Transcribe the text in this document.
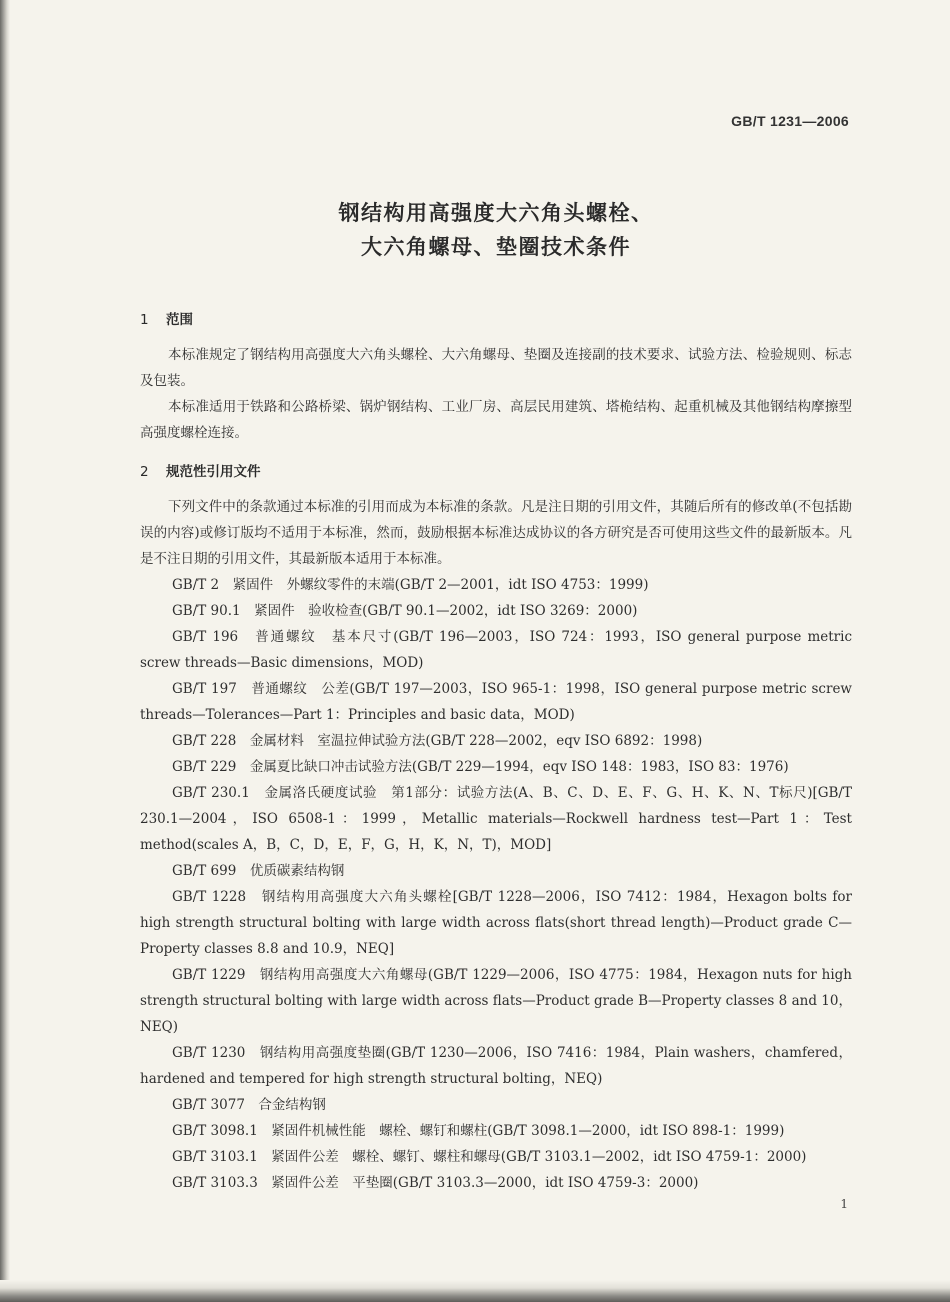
GB/T 1231—2006
钢结构用高强度大六角头螺栓、
大六角螺母、垫圈技术条件
1 范围
本标准规定了钢结构用高强度大六角头螺栓、大六角螺母、垫圈及连接副的技术要求、试验方法、检验规则、标志及包装。
本标准适用于铁路和公路桥梁、锅炉钢结构、工业厂房、高层民用建筑、塔桅结构、起重机械及其他钢结构摩擦型高强度螺栓连接。
2 规范性引用文件
下列文件中的条款通过本标准的引用而成为本标准的条款。凡是注日期的引用文件，其随后所有的修改单(不包括勘误的内容)或修订版均不适用于本标准，然而，鼓励根据本标准达成协议的各方研究是否可使用这些文件的最新版本。凡是不注日期的引用文件，其最新版本适用于本标准。
GB/T 2　紧固件　外螺纹零件的末端(GB/T 2—2001，idt ISO 4753：1999)
GB/T 90.1　紧固件　验收检查(GB/T 90.1—2002，idt ISO 3269：2000)
GB/T 196　普通螺纹　基本尺寸(GB/T 196—2003，ISO 724：1993，ISO general purpose metric screw threads—Basic dimensions，MOD)
GB/T 197　普通螺纹　公差(GB/T 197—2003，ISO 965-1：1998，ISO general purpose metric screw threads—Tolerances—Part 1：Principles and basic data，MOD)
GB/T 228　金属材料　室温拉伸试验方法(GB/T 228—2002，eqv ISO 6892：1998)
GB/T 229　金属夏比缺口冲击试验方法(GB/T 229—1994，eqv ISO 148：1983，ISO 83：1976)
GB/T 230.1　金属洛氏硬度试验　第1部分：试验方法(A、B、C、D、E、F、G、H、K、N、T标尺)[GB/T 230.1—2004，ISO 6508-1：1999，Metallic materials—Rockwell hardness test—Part 1：Test method(scales A，B，C，D，E，F，G，H，K，N，T)，MOD]
GB/T 699　优质碳素结构钢
GB/T 1228　钢结构用高强度大六角头螺栓[GB/T 1228—2006，ISO 7412：1984，Hexagon bolts for high strength structural bolting with large width across flats(short thread length)—Product grade C—Property classes 8.8 and 10.9，NEQ]
GB/T 1229　钢结构用高强度大六角螺母(GB/T 1229—2006，ISO 4775：1984，Hexagon nuts for high strength structural bolting with large width across flats—Product grade B—Property classes 8 and 10，NEQ)
GB/T 1230　钢结构用高强度垫圈(GB/T 1230—2006，ISO 7416：1984，Plain washers，chamfered，hardened and tempered for high strength structural bolting，NEQ)
GB/T 3077　合金结构钢
GB/T 3098.1　紧固件机械性能　螺栓、螺钉和螺柱(GB/T 3098.1—2000，idt ISO 898-1：1999)
GB/T 3103.1　紧固件公差　螺栓、螺钉、螺柱和螺母(GB/T 3103.1—2002，idt ISO 4759-1：2000)
GB/T 3103.3　紧固件公差　平垫圈(GB/T 3103.3—2000，idt ISO 4759-3：2000)
1
